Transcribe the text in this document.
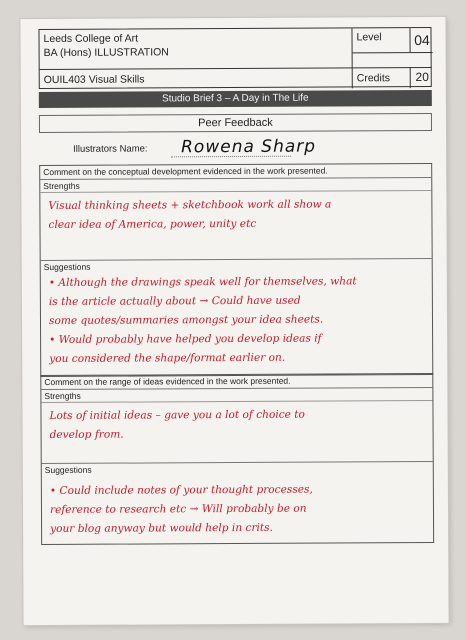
Leeds College of Art
BA (Hons) ILLUSTRATION
OUIL403 Visual Skills
Level	04
Credits	20
Studio Brief 3 – A Day in The Life
Peer Feedback
Illustrators Name: Rowena Sharp
Comment on the conceptual development evidenced in the work presented.
Strengths
Visual thinking sheets + sketchbook work all show a
clear idea of America, power, unity etc
Suggestions
• Although the drawings speak well for themselves, what
is the article actually about → Could have used
some quotes/summaries amongst your idea sheets.
• Would probably have helped you develop ideas if
you considered the shape/format earlier on.
Comment on the range of ideas evidenced in the work presented.
Strengths
Lots of initial ideas – gave you a lot of choice to
develop from.
Suggestions
• Could include notes of your thought processes,
reference to research etc → Will probably be on
your blog anyway but would help in crits.
